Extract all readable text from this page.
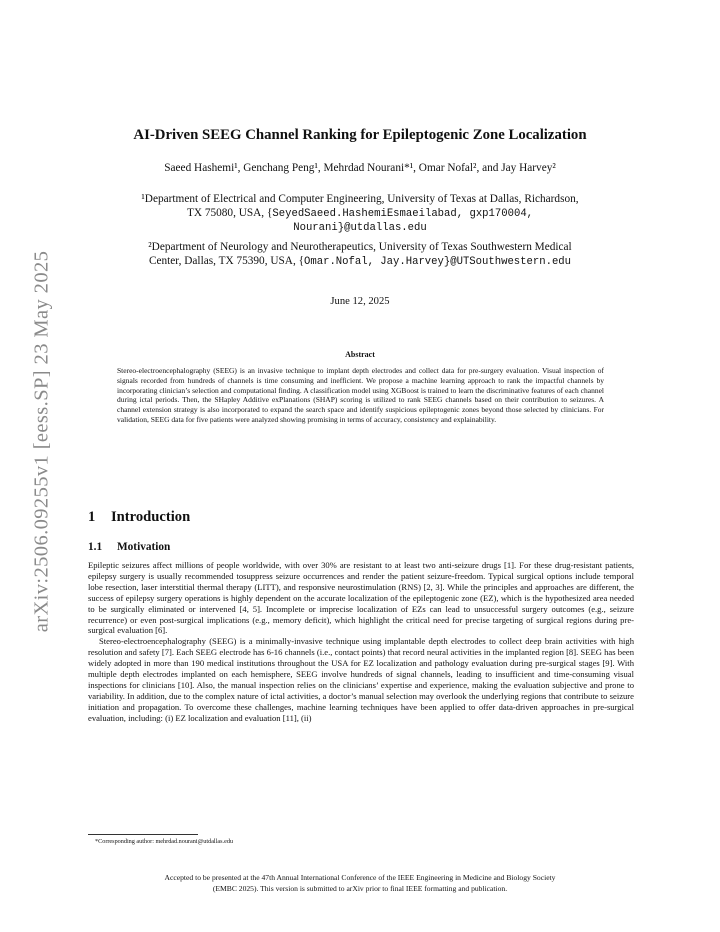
arXiv:2506.09255v1 [eess.SP] 23 May 2025
AI-Driven SEEG Channel Ranking for Epileptogenic Zone Localization
Saeed Hashemi¹, Genchang Peng¹, Mehrdad Nourani*¹, Omar Nofal², and Jay Harvey²
¹Department of Electrical and Computer Engineering, University of Texas at Dallas, Richardson,
TX 75080, USA, {SeyedSaeed.HashemiEsmaeilabad, gxp170004,
Nourani}@utdallas.edu
²Department of Neurology and Neurotherapeutics, University of Texas Southwestern Medical
Center, Dallas, TX 75390, USA, {Omar.Nofal, Jay.Harvey}@UTSouthwestern.edu
June 12, 2025
Abstract
Stereo-electroencephalography (SEEG) is an invasive technique to implant depth electrodes and collect data for pre-surgery evaluation. Visual inspection of signals recorded from hundreds of channels is time consuming and inefficient. We propose a machine learning approach to rank the impactful channels by incorporating clinician’s selection and computational finding. A classification model using XGBoost is trained to learn the discriminative features of each channel during ictal periods. Then, the SHapley Additive exPlanations (SHAP) scoring is utilized to rank SEEG channels based on their contribution to seizures. A channel extension strategy is also incorporated to expand the search space and identify suspicious epileptogenic zones beyond those selected by clinicians. For validation, SEEG data for five patients were analyzed showing promising in terms of accuracy, consistency and explainability.
1 Introduction
1.1 Motivation

Epileptic seizures affect millions of people worldwide, with over 30% are resistant to at least two anti-seizure drugs [1]. For these drug-resistant patients, epilepsy surgery is usually recommended tosuppress seizure occurrences and render the patient seizure-freedom. Typical surgical options include temporal lobe resection, laser interstitial thermal therapy (LITT), and responsive neurostimulation (RNS) [2, 3]. While the principles and approaches are different, the success of epilepsy surgery operations is highly dependent on the accurate localization of the epileptogenic zone (EZ), which is the hypothesized area needed to be surgically eliminated or intervened [4, 5]. Incomplete or imprecise localization of EZs can lead to unsuccessful surgery outcomes (e.g., seizure recurrence) or even post-surgical implications (e.g., memory deficit), which highlight the critical need for precise targeting of surgical regions during pre-surgical evaluation [6].

Stereo-electroencephalography (SEEG) is a minimally-invasive technique using implantable depth electrodes to collect deep brain activities with high resolution and safety [7]. Each SEEG electrode has 6-16 channels (i.e., contact points) that record neural activities in the implanted region [8]. SEEG has been widely adopted in more than 190 medical institutions throughout the USA for EZ localization and pathology evaluation during pre-surgical stages [9]. With multiple depth electrodes implanted on each hemisphere, SEEG involve hundreds of signal channels, leading to insufficient and time-consuming visual inspections for clinicians [10]. Also, the manual inspection relies on the clinicians’ expertise and experience, making the evaluation subjective and prone to variability. In addition, due to the complex nature of ictal activities, a doctor’s manual selection may overlook the underlying regions that contribute to seizure initiation and propagation. To overcome these challenges, machine learning techniques have been applied to offer data-driven approaches in pre-surgical evaluation, including: (i) EZ localization and evaluation [11], (ii)

*Corresponding author: mehrdad.nourani@utdallas.edu
Accepted to be presented at the 47th Annual International Conference of the IEEE Engineering in Medicine and Biology Society
(EMBC 2025). This version is submitted to arXiv prior to final IEEE formatting and publication.
